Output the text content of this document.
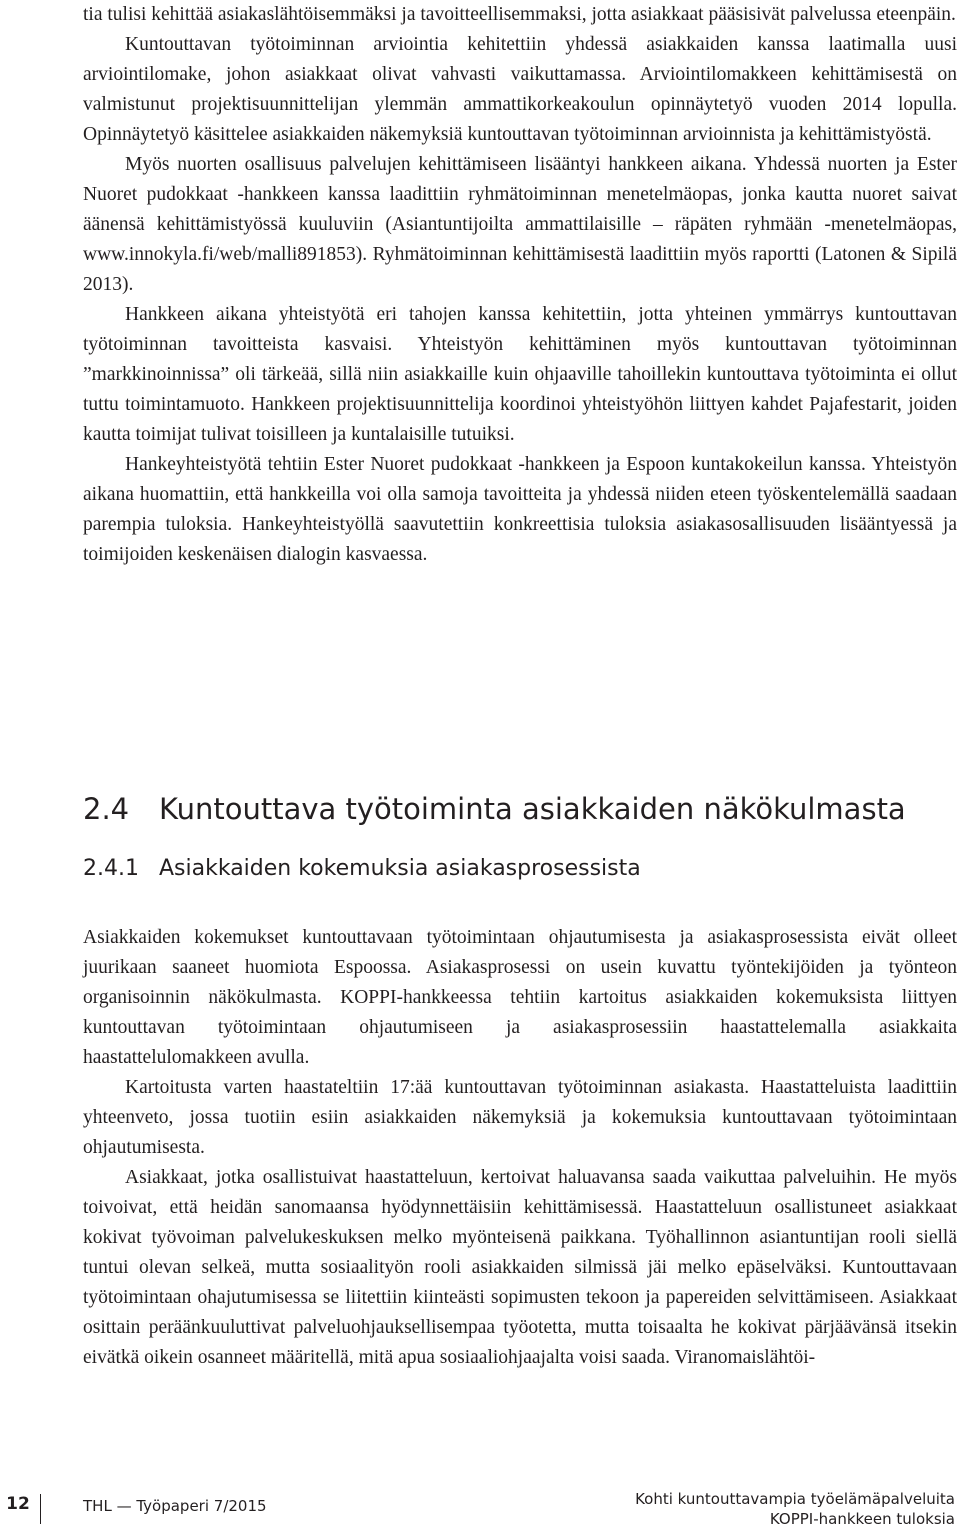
tia tulisi kehittää asiakaslähtöisemmäksi ja tavoitteellisemmaksi, jotta asiakkaat pääsisivät palvelussa eteenpäin.

Kuntouttavan työtoiminnan arviointia kehitettiin yhdessä asiakkaiden kanssa laatimalla uusi arviointilomake, johon asiakkaat olivat vahvasti vaikuttamassa. Arviointilomakkeen kehittämisestä on valmistunut projektisuunnittelijan ylemmän ammattikorkeakoulun opinnäytetyö vuoden 2014 lopulla. Opinnäytetyö käsittelee asiakkaiden näkemyksiä kuntouttavan työtoiminnan arvioinnista ja kehittämistyöstä.

Myös nuorten osallisuus palvelujen kehittämiseen lisääntyi hankkeen aikana. Yhdessä nuorten ja Ester Nuoret pudokkaat -hankkeen kanssa laadittiin ryhmätoiminnan menetelmäopas, jonka kautta nuoret saivat äänensä kehittämistyössä kuuluviin (Asiantuntijoilta ammattilaisille – räpäten ryhmään -menetelmäopas, www.innokyla.fi/web/malli891853). Ryhmätoiminnan kehittämisestä laadittiin myös raportti (Latonen & Sipilä 2013).

Hankkeen aikana yhteistyötä eri tahojen kanssa kehitettiin, jotta yhteinen ymmärrys kuntouttavan työtoiminnan tavoitteista kasvaisi. Yhteistyön kehittäminen myös kuntouttavan työtoiminnan ”markkinoinnissa” oli tärkeää, sillä niin asiakkaille kuin ohjaaville tahoillekin kuntouttava työtoiminta ei ollut tuttu toimintamuoto. Hankkeen projektisuunnittelija koordinoi yhteistyöhön liittyen kahdet Pajafestarit, joiden kautta toimijat tulivat toisilleen ja kuntalaisille tutuiksi.

Hankeyhteistyötä tehtiin Ester Nuoret pudokkaat -hankkeen ja Espoon kuntakokeilun kanssa. Yhteistyön aikana huomattiin, että hankkeilla voi olla samoja tavoitteita ja yhdessä niiden eteen työskentelemällä saadaan parempia tuloksia. Hankeyhteistyöllä saavutettiin konkreettisia tuloksia asiakasosallisuuden lisääntyessä ja toimijoiden keskenäisen dialogin kasvaessa.

2.4 Kuntouttava työtoiminta asiakkaiden näkökulmasta
2.4.1 Asiakkaiden kokemuksia asiakasprosessista

Asiakkaiden kokemukset kuntouttavaan työtoimintaan ohjautumisesta ja asiakasprosessista eivät olleet juurikaan saaneet huomiota Espoossa. Asiakasprosessi on usein kuvattu työntekijöiden ja työnteon organisoinnin näkökulmasta. KOPPI-hankkeessa tehtiin kartoitus asiakkaiden kokemuksista liittyen kuntouttavan työtoimintaan ohjautumiseen ja asiakasprosessiin haastattelemalla asiakkaita haastattelulomakkeen avulla.

Kartoitusta varten haastateltiin 17:ää kuntouttavan työtoiminnan asiakasta. Haastatteluista laadittiin yhteenveto, jossa tuotiin esiin asiakkaiden näkemyksiä ja kokemuksia kuntouttavaan työtoimintaan ohjautumisesta.

Asiakkaat, jotka osallistuivat haastatteluun, kertoivat haluavansa saada vaikuttaa palveluihin. He myös toivoivat, että heidän sanomaansa hyödynnettäisiin kehittämisessä. Haastatteluun osallistuneet asiakkaat kokivat työvoiman palvelukeskuksen melko myönteisenä paikkana. Työhallinnon asiantuntijan rooli siellä tuntui olevan selkeä, mutta sosiaalityön rooli asiakkaiden silmissä jäi melko epäselväksi. Kuntouttavaan työtoimintaan ohajutumisessa se liitettiin kiinteästi sopimusten tekoon ja papereiden selvittämiseen. Asiakkaat osittain peräänkuuluttivat palveluohjauksellisempaa työotetta, mutta toisaalta he kokivat pärjäävänsä itsekin eivätkä oikein osanneet määritellä, mitä apua sosiaaliohjaajalta voisi saada. Viranomaislähtöi-

12	THL — Työpaperi 7/2015	Kohti kuntouttavampia työelämäpalveluita
KOPPI-hankkeen tuloksia
